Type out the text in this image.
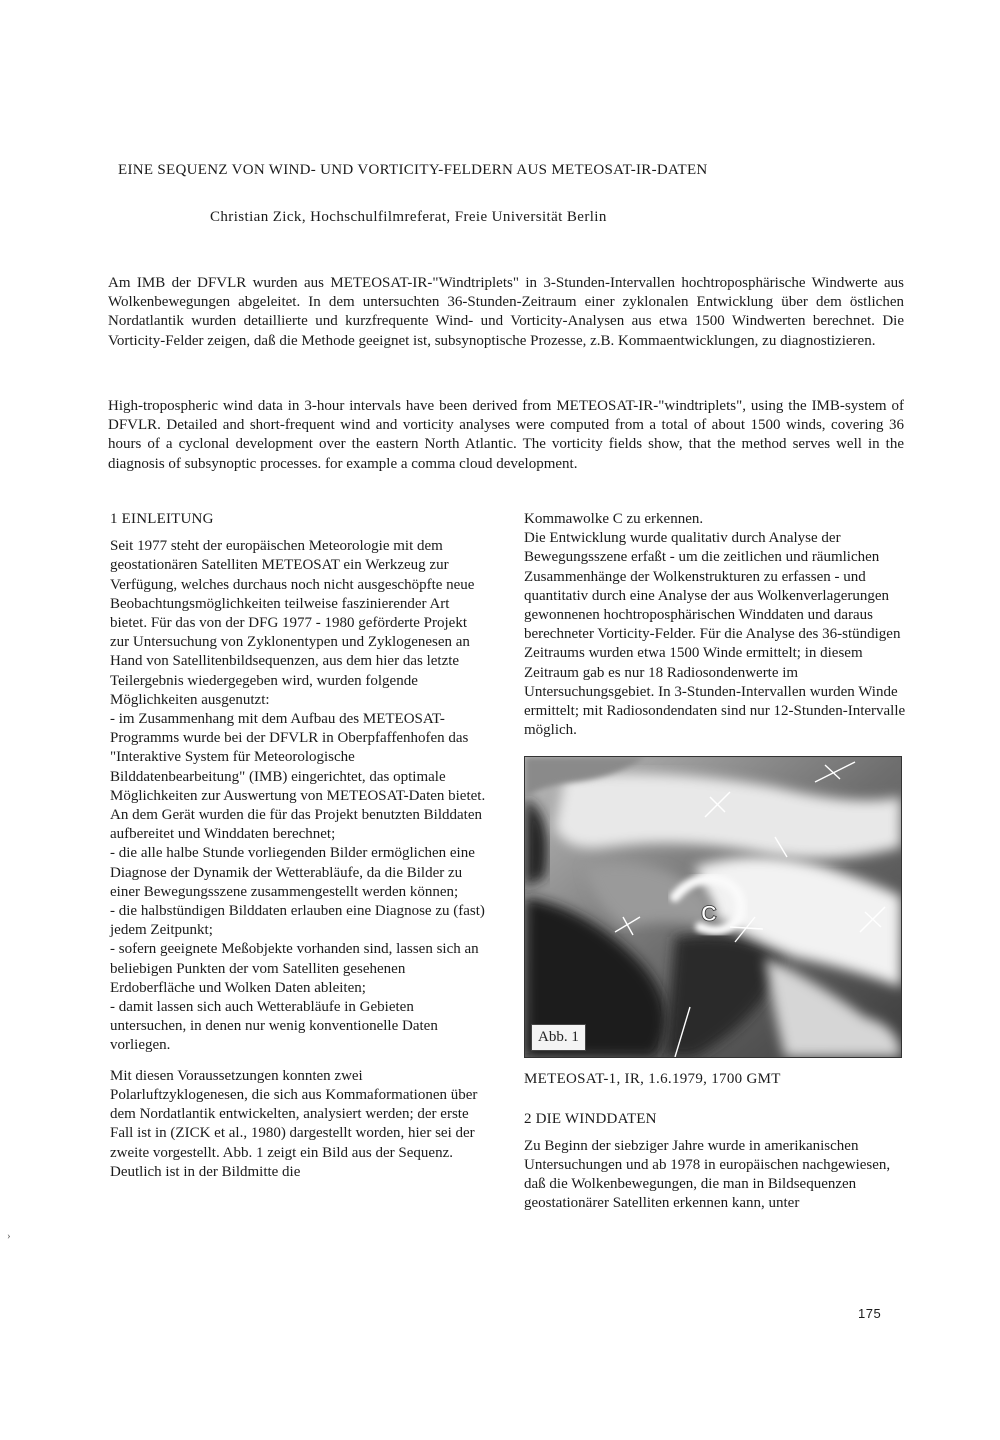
EINE SEQUENZ VON WIND- UND VORTICITY-FELDERN AUS METEOSAT-IR-DATEN
Christian Zick, Hochschulfilmreferat, Freie Universität Berlin

Am IMB der DFVLR wurden aus METEOSAT-IR-"Windtriplets" in 3-Stunden-Intervallen hochtroposphärische Windwerte aus Wolkenbewegungen abgeleitet. In dem untersuchten 36-Stunden-Zeitraum einer zyklonalen Entwicklung über dem östlichen Nordatlantik wurden detaillierte und kurzfrequente Wind- und Vorticity-Analysen aus etwa 1500 Windwerten berechnet. Die Vorticity-Felder zeigen, daß die Methode geeignet ist, subsynoptische Prozesse, z.B. Kommaentwicklungen, zu diagnostizieren.

High-tropospheric wind data in 3-hour intervals have been derived from METEOSAT-IR-"windtriplets", using the IMB-system of DFVLR. Detailed and short-frequent wind and vorticity analyses were computed from a total of about 1500 winds, covering 36 hours of a cyclonal development over the eastern North Atlantic. The vorticity fields show, that the method serves well in the diagnosis of subsynoptic processes. for example a comma cloud development.

1 EINLEITUNG

Seit 1977 steht der europäischen Meteorologie mit dem geostationären Satelliten METEOSAT ein Werkzeug zur Verfügung, welches durchaus noch nicht ausgeschöpfte neue Beobachtungsmöglichkeiten teilweise faszinierender Art bietet. Für das von der DFG 1977 - 1980 geförderte Projekt zur Untersuchung von Zyklonentypen und Zyklogenesen an Hand von Satellitenbildsequenzen, aus dem hier das letzte Teilergebnis wiedergegeben wird, wurden folgende Möglichkeiten ausgenutzt:

- im Zusammenhang mit dem Aufbau des METEOSAT-Programms wurde bei der DFVLR in Oberpfaffenhofen das "Interaktive System für Meteorologische Bilddatenbearbeitung" (IMB) eingerichtet, das optimale Möglichkeiten zur Auswertung von METEOSAT-Daten bietet. An dem Gerät wurden die für das Projekt benutzten Bilddaten aufbereitet und Winddaten berechnet;

- die alle halbe Stunde vorliegenden Bilder ermöglichen eine Diagnose der Dynamik der Wetterabläufe, da die Bilder zu einer Bewegungsszene zusammengestellt werden können;

- die halbstündigen Bilddaten erlauben eine Diagnose zu (fast) jedem Zeitpunkt;

- sofern geeignete Meßobjekte vorhanden sind, lassen sich an beliebigen Punkten der vom Satelliten gesehenen Erdoberfläche und Wolken Daten ableiten;

- damit lassen sich auch Wetterabläufe in Gebieten untersuchen, in denen nur wenig konventionelle Daten vorliegen.

Mit diesen Voraussetzungen konnten zwei Polarluftzyklogenesen, die sich aus Kommaformationen über dem Nordatlantik entwickelten, analysiert werden; der erste Fall ist in (ZICK et al., 1980) dargestellt worden, hier sei der zweite vorgestellt. Abb. 1 zeigt ein Bild aus der Sequenz. Deutlich ist in der Bildmitte die

Kommawolke C zu erkennen.

Die Entwicklung wurde qualitativ durch Analyse der Bewegungsszene erfaßt - um die zeitlichen und räumlichen Zusammenhänge der Wolkenstrukturen zu erfassen - und quantitativ durch eine Analyse der aus Wolkenverlagerungen gewonnenen hochtroposphärischen Winddaten und daraus berechneter Vorticity-Felder. Für die Analyse des 36-stündigen Zeitraums wurden etwa 1500 Winde ermittelt; in diesem Zeitraum gab es nur 18 Radiosondenwerte im Untersuchungsgebiet. In 3-Stunden-Intervallen wurden Winde ermittelt; mit Radiosondendaten sind nur 12-Stunden-Intervalle möglich.

C
Abb. 1

METEOSAT-1, IR, 1.6.1979, 1700 GMT

2 DIE WINDDATEN

Zu Beginn der siebziger Jahre wurde in amerikanischen Untersuchungen und ab 1978 in europäischen nachgewiesen, daß die Wolkenbewegungen, die man in Bildsequenzen geostationärer Satelliten erkennen kann, unter

175
›
